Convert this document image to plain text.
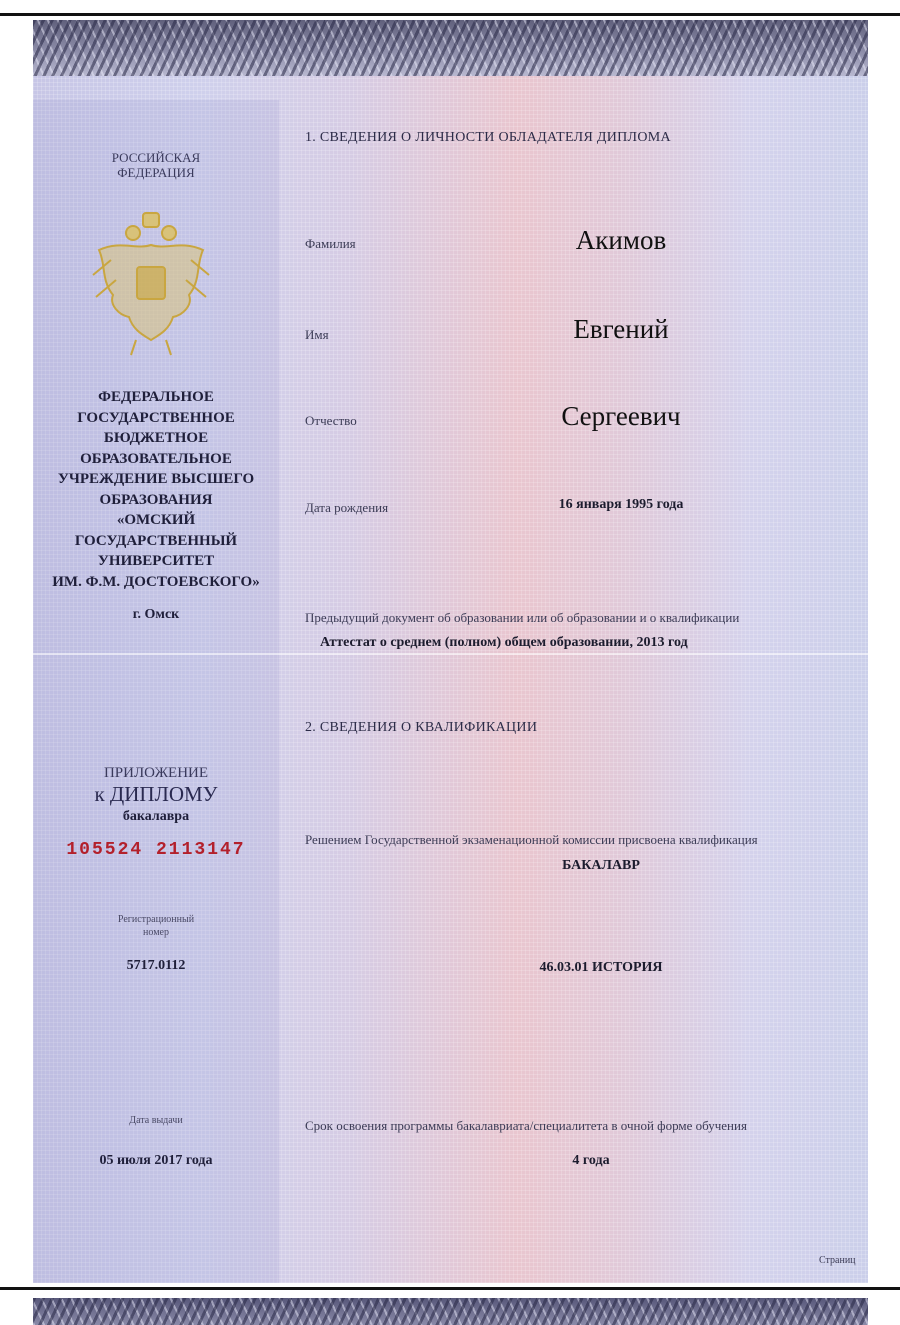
РОССИЙСКАЯ
ФЕДЕРАЦИЯ
ФЕДЕРАЛЬНОЕ
ГОСУДАРСТВЕННОЕ
БЮДЖЕТНОЕ
ОБРАЗОВАТЕЛЬНОЕ
УЧРЕЖДЕНИЕ ВЫСШЕГО
ОБРАЗОВАНИЯ
«ОМСКИЙ
ГОСУДАРСТВЕННЫЙ
УНИВЕРСИТЕТ
ИМ. Ф.М. ДОСТОЕВСКОГО»
г. Омск
ПРИЛОЖЕНИЕ
к ДИПЛОМУ
бакалавра
105524 2113147
Регистрационный
номер
5717.0112
Дата выдачи
05 июля 2017 года
1. СВЕДЕНИЯ О ЛИЧНОСТИ ОБЛАДАТЕЛЯ ДИПЛОМА
Фамилия	Акимов
Имя	Евгений
Отчество	Сергеевич
Дата рождения	16 января 1995 года
Предыдущий документ об образовании или об образовании и о квалификации
Аттестат о среднем (полном) общем образовании, 2013 год
2. СВЕДЕНИЯ О КВАЛИФИКАЦИИ
Решением Государственной экзаменационной комиссии присвоена квалификация
БАКАЛАВР
46.03.01 ИСТОРИЯ
Срок освоения программы бакалавриата/специалитета в очной форме обучения
4 года
Страниц
